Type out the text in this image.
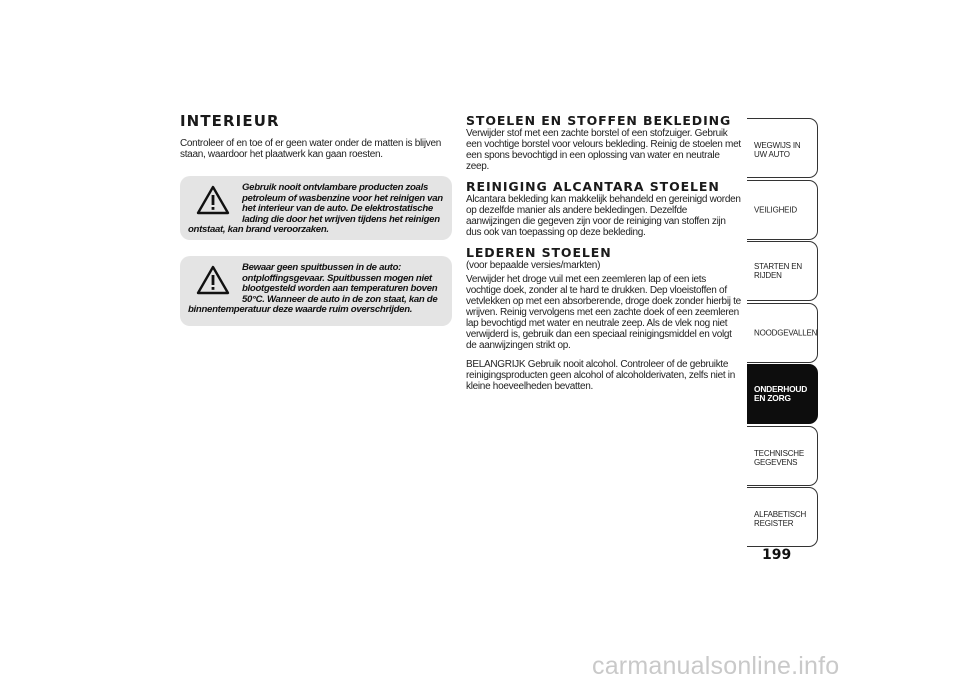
INTERIEUR

Controleer of en toe of er geen water onder de matten is blijven staan, waardoor het plaatwerk kan gaan roesten.

Gebruik nooit ontvlambare producten zoals petroleum of wasbenzine voor het reinigen van het interieur van de auto. De elektrostatische lading die door het wrijven tijdens het reinigen ontstaat, kan brand veroorzaken.

Bewaar geen spuitbussen in de auto: ontploffingsgevaar. Spuitbussen mogen niet blootgesteld worden aan temperaturen boven 50°C. Wanneer de auto in de zon staat, kan de binnentemperatuur deze waarde ruim overschrijden.

STOELEN EN STOFFEN BEKLEDING

Verwijder stof met een zachte borstel of een stofzuiger. Gebruik een vochtige borstel voor velours bekleding. Reinig de stoelen met een spons bevochtigd in een oplossing van water en neutrale zeep.

REINIGING ALCANTARA STOELEN

Alcantara bekleding kan makkelijk behandeld en gereinigd worden op dezelfde manier als andere bekledingen. Dezelfde aanwijzingen die gegeven zijn voor de reiniging van stoffen zijn dus ook van toepassing op deze bekleding.

LEDEREN STOELEN

(voor bepaalde versies/markten)

Verwijder het droge vuil met een zeemleren lap of een iets vochtige doek, zonder al te hard te drukken. Dep vloeistoffen of vetvlekken op met een absorberende, droge doek zonder hierbij te wrijven. Reinig vervolgens met een zachte doek of een zeemleren lap bevochtigd met water en neutrale zeep. Als de vlek nog niet verwijderd is, gebruik dan een speciaal reinigingsmiddel en volgt de aanwijzingen strikt op.

BELANGRIJK Gebruik nooit alcohol. Controleer of de gebruikte reinigingsproducten geen alcohol of alcoholderivaten, zelfs niet in kleine hoeveelheden bevatten.

WEGWIJS IN UW AUTO
VEILIGHEID
STARTEN EN RIJDEN
NOODGEVALLEN
ONDERHOUD EN ZORG
TECHNISCHE GEGEVENS
ALFABETISCH REGISTER
199
carmanualsonline.info
